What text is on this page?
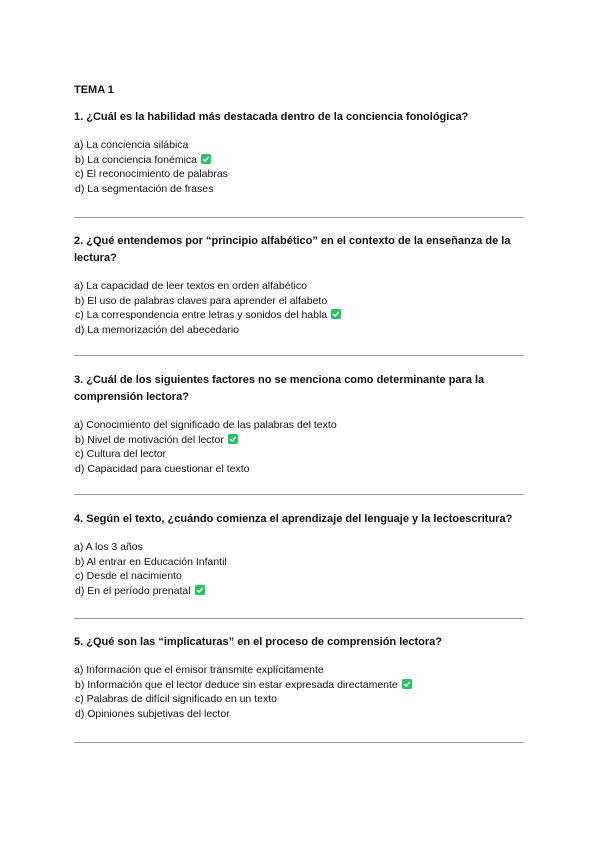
TEMA 1

1. ¿Cuál es la habilidad más destacada dentro de la conciencia fonológica?

a) La conciencia silábica
b) La conciencia fonémica
c) El reconocimiento de palabras
d) La segmentación de frases

2. ¿Qué entendemos por “principio alfabético” en el contexto de la enseñanza de la lectura?

a) La capacidad de leer textos en orden alfabético
b) El uso de palabras claves para aprender el alfabeto
c) La correspondencia entre letras y sonidos del habla
d) La memorización del abecedario

3. ¿Cuál de los siguientes factores no se menciona como determinante para la comprensión lectora?

a) Conocimiento del significado de las palabras del texto
b) Nivel de motivación del lector
c) Cultura del lector
d) Capacidad para cuestionar el texto

4. Según el texto, ¿cuándo comienza el aprendizaje del lenguaje y la lectoescritura?

a) A los 3 años
b) Al entrar en Educación Infantil
c) Desde el nacimiento
d) En el período prenatal

5. ¿Qué son las “implicaturas” en el proceso de comprensión lectora?

a) Información que el emisor transmite explícitamente
b) Información que el lector deduce sin estar expresada directamente
c) Palabras de difícil significado en un texto
d) Opiniones subjetivas del lector
